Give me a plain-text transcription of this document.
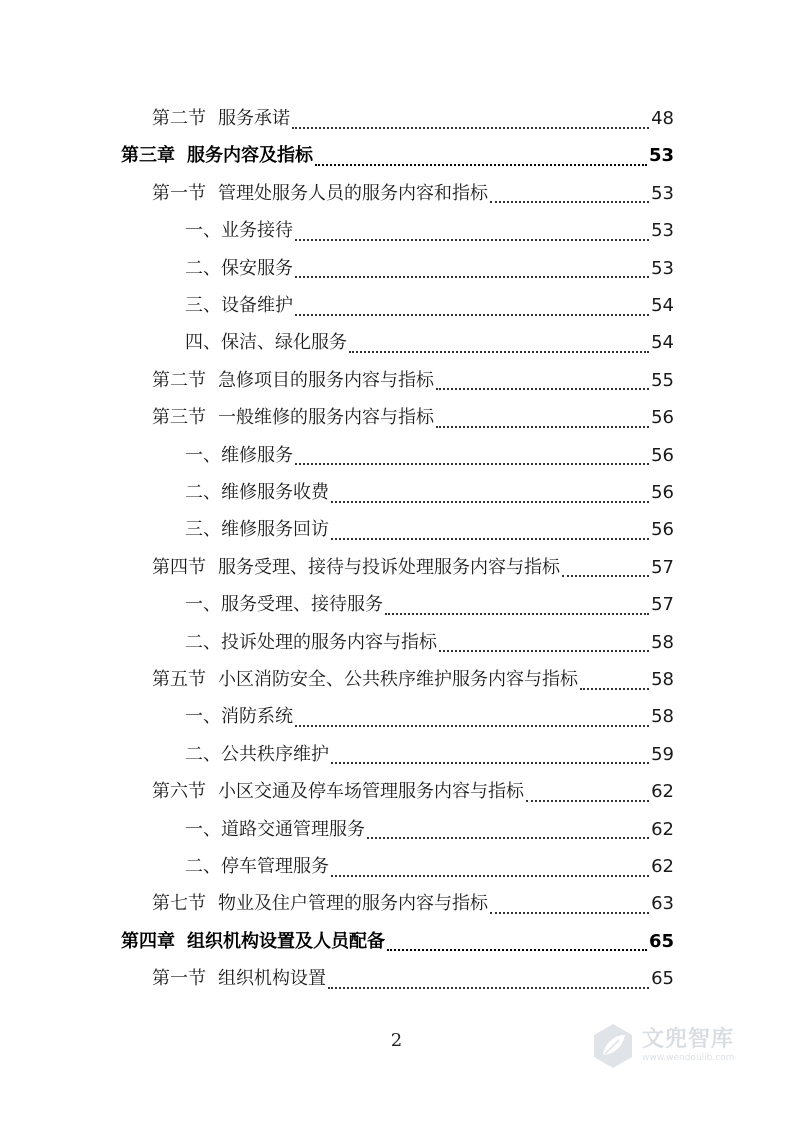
第二节 服务承诺	48
第三章 服务内容及指标	53
第一节 管理处服务人员的服务内容和指标	53
一、 业务接待	53
二、 保安服务	53
三、 设备维护	54
四、 保洁、绿化服务	54
第二节 急修项目的服务内容与指标	55
第三节 一般维修的服务内容与指标	56
一、 维修服务	56
二、 维修服务收费	56
三、 维修服务回访	56
第四节 服务受理、接待与投诉处理服务内容与指标	57
一、 服务受理、接待服务	57
二、 投诉处理的服务内容与指标	58
第五节 小区消防安全、公共秩序维护服务内容与指标	58
一、 消防系统	58
二、 公共秩序维护	59
第六节 小区交通及停车场管理服务内容与指标	62
一、 道路交通管理服务	62
二、 停车管理服务	62
第七节 物业及住户管理的服务内容与指标	63
第四章 组织机构设置及人员配备	65
第一节 组织机构设置	65
2	文兜智库
www.wendoulib.com
